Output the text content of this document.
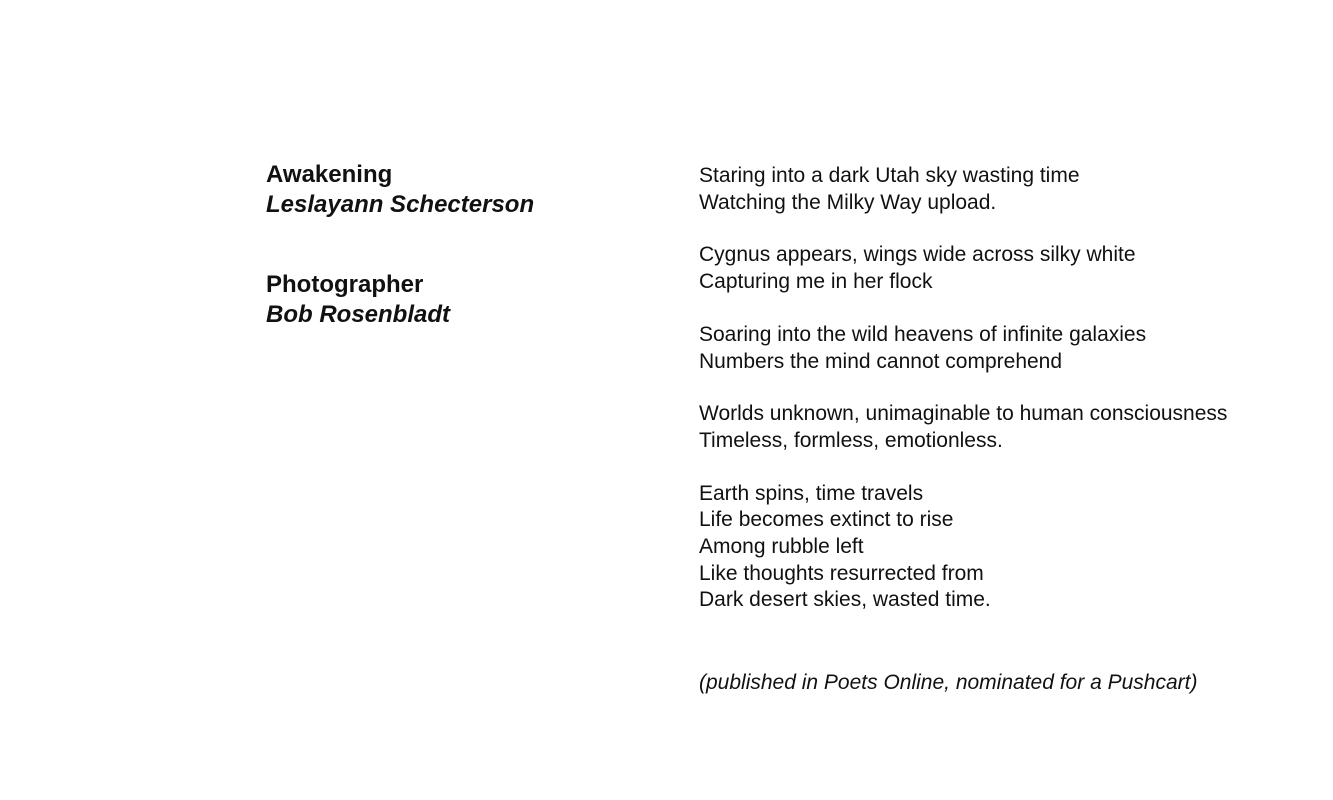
Awakening

Leslayann Schecterson

Photographer

Bob Rosenbladt

Staring into a dark Utah sky wasting time
Watching the Milky Way upload.
Cygnus appears, wings wide across silky white
Capturing me in her flock
Soaring into the wild heavens of infinite galaxies
Numbers the mind cannot comprehend
Worlds unknown, unimaginable to human consciousness
Timeless, formless, emotionless.
Earth spins, time travels
Life becomes extinct to rise
Among rubble left
Like thoughts resurrected from
Dark desert skies, wasted time.
(published in Poets Online, nominated for a Pushcart)
